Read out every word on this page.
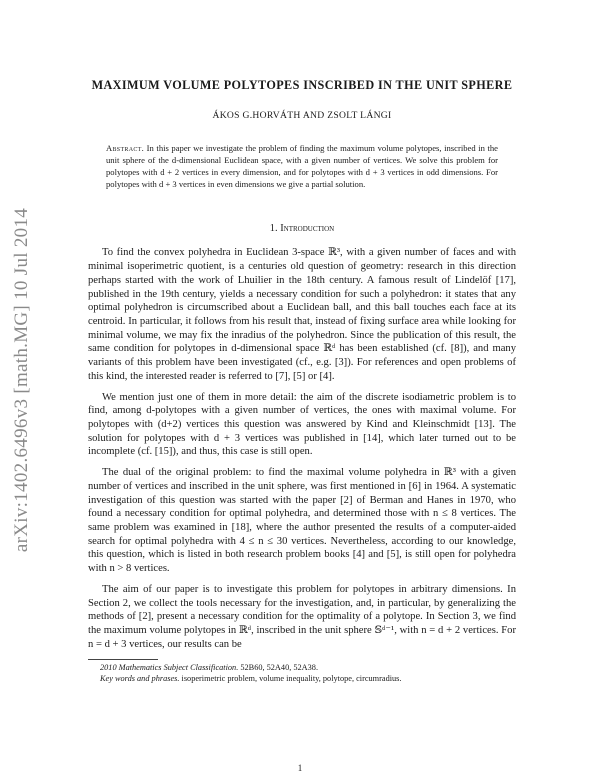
arXiv:1402.6496v3 [math.MG] 10 Jul 2014
MAXIMUM VOLUME POLYTOPES INSCRIBED IN THE UNIT SPHERE
ÁKOS G.HORVÁTH AND ZSOLT LÁNGI
Abstract. In this paper we investigate the problem of finding the maximum volume polytopes, inscribed in the unit sphere of the d-dimensional Euclidean space, with a given number of vertices. We solve this problem for polytopes with d + 2 vertices in every dimension, and for polytopes with d + 3 vertices in odd dimensions. For polytopes with d + 3 vertices in even dimensions we give a partial solution.
1. Introduction

To find the convex polyhedra in Euclidean 3-space ℝ³, with a given number of faces and with minimal isoperimetric quotient, is a centuries old question of geometry: research in this direction perhaps started with the work of Lhuilier in the 18th century. A famous result of Lindelöf [17], published in the 19th century, yields a necessary condition for such a polyhedron: it states that any optimal polyhedron is circumscribed about a Euclidean ball, and this ball touches each face at its centroid. In particular, it follows from his result that, instead of fixing surface area while looking for minimal volume, we may fix the inradius of the polyhedron. Since the publication of this result, the same condition for polytopes in d-dimensional space ℝᵈ has been established (cf. [8]), and many variants of this problem have been investigated (cf., e.g. [3]). For references and open problems of this kind, the interested reader is referred to [7], [5] or [4].

We mention just one of them in more detail: the aim of the discrete isodiametric problem is to find, among d-polytopes with a given number of vertices, the ones with maximal volume. For polytopes with (d+2) vertices this question was answered by Kind and Kleinschmidt [13]. The solution for polytopes with d + 3 vertices was published in [14], which later turned out to be incomplete (cf. [15]), and thus, this case is still open.

The dual of the original problem: to find the maximal volume polyhedra in ℝ³ with a given number of vertices and inscribed in the unit sphere, was first mentioned in [6] in 1964. A systematic investigation of this question was started with the paper [2] of Berman and Hanes in 1970, who found a necessary condition for optimal polyhedra, and determined those with n ≤ 8 vertices. The same problem was examined in [18], where the author presented the results of a computer-aided search for optimal polyhedra with 4 ≤ n ≤ 30 vertices. Nevertheless, according to our knowledge, this question, which is listed in both research problem books [4] and [5], is still open for polyhedra with n > 8 vertices.

The aim of our paper is to investigate this problem for polytopes in arbitrary dimensions. In Section 2, we collect the tools necessary for the investigation, and, in particular, by generalizing the methods of [2], present a necessary condition for the optimality of a polytope. In Section 3, we find the maximum volume polytopes in ℝᵈ, inscribed in the unit sphere 𝕊ᵈ⁻¹, with n = d + 2 vertices. For n = d + 3 vertices, our results can be

2010 Mathematics Subject Classification. 52B60, 52A40, 52A38.
Key words and phrases. isoperimetric problem, volume inequality, polytope, circumradius.
1
